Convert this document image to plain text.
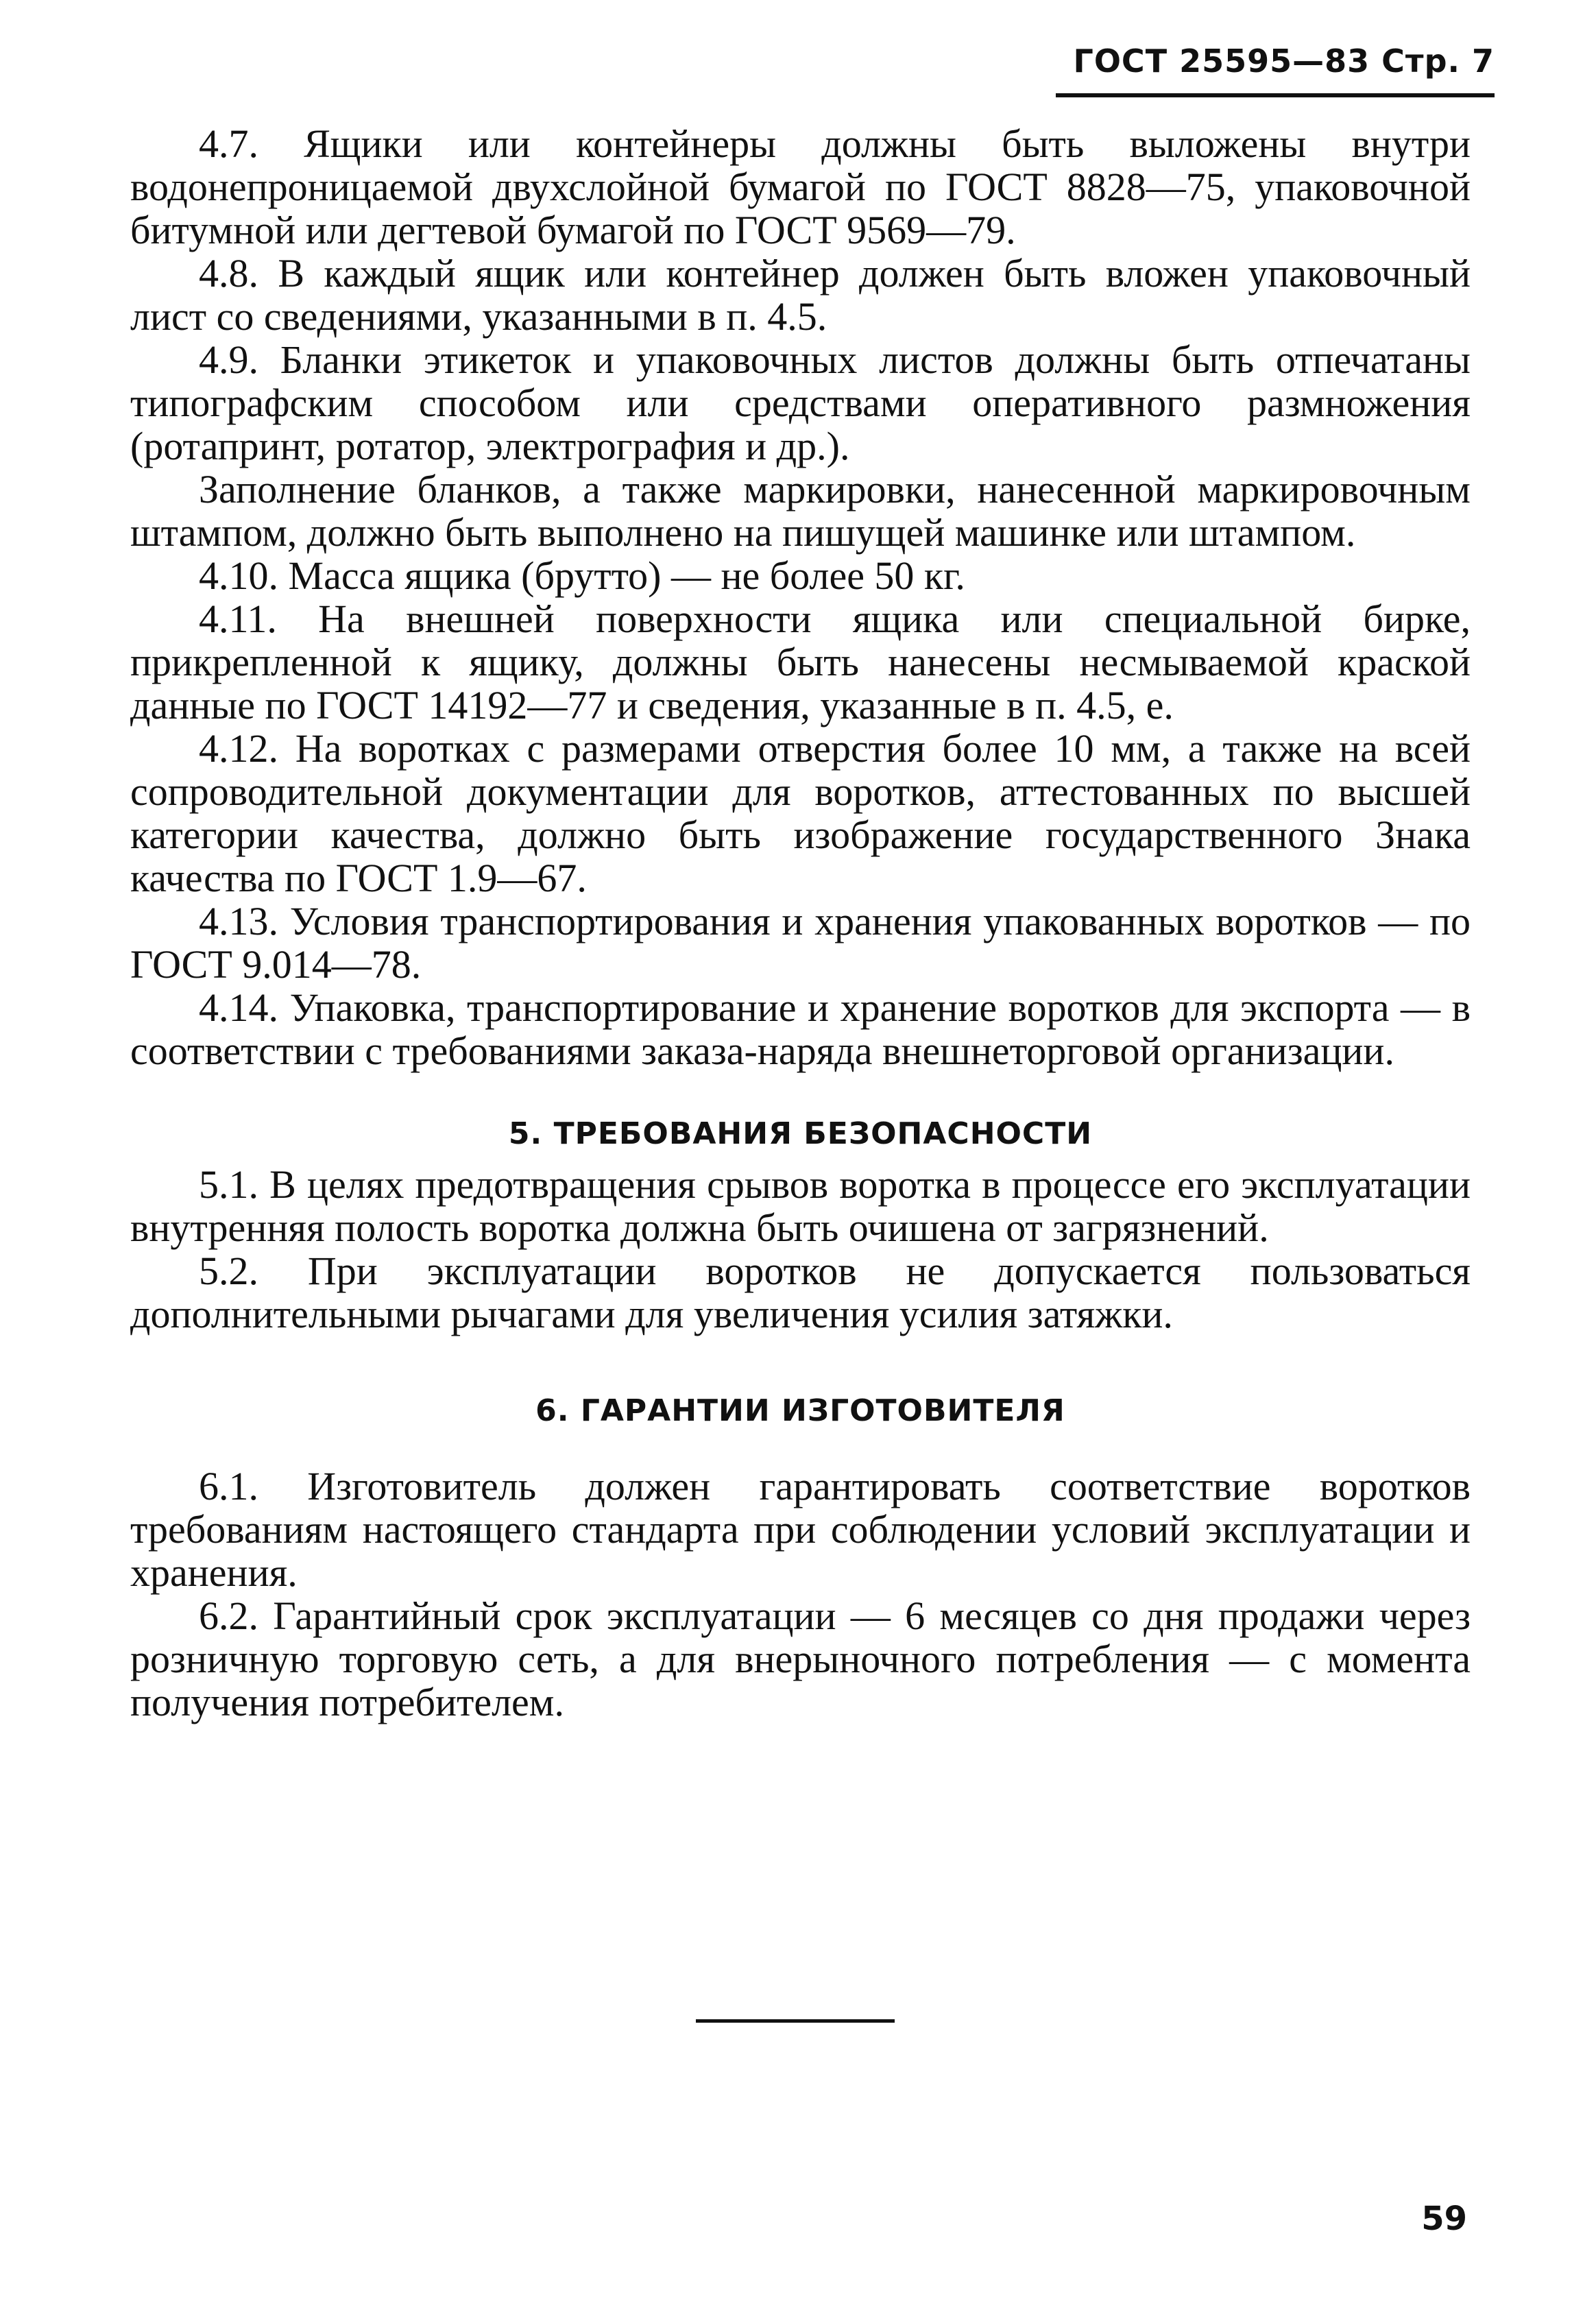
ГОСТ 25595—83 Стр. 7

4.7. Ящики или контейнеры должны быть выложены внутри водонепроницаемой двухслойной бумагой по ГОСТ 8828—75, упаковочной битумной или дегтевой бумагой по ГОСТ 9569—79.

4.8. В каждый ящик или контейнер должен быть вложен упаковочный лист со сведениями, указанными в п. 4.5.

4.9. Бланки этикеток и упаковочных листов должны быть отпечатаны типографским способом или средствами оперативного размножения (ротапринт, ротатор, электрография и др.).

Заполнение бланков, а также маркировки, нанесенной маркировочным штампом, должно быть выполнено на пишущей машинке или штампом.

4.10. Масса ящика (брутто) — не более 50 кг.

4.11. На внешней поверхности ящика или специальной бирке, прикрепленной к ящику, должны быть нанесены несмываемой краской данные по ГОСТ 14192—77 и сведения, указанные в п. 4.5, е.

4.12. На воротках с размерами отверстия более 10 мм, а также на всей сопроводительной документации для воротков, аттестованных по высшей категории качества, должно быть изображение государственного Знака качества по ГОСТ 1.9—67.

4.13. Условия транспортирования и хранения упакованных воротков — по ГОСТ 9.014—78.

4.14. Упаковка, транспортирование и хранение воротков для экспорта — в соответствии с требованиями заказа-наряда внешнеторговой организации.

5. ТРЕБОВАНИЯ БЕЗОПАСНОСТИ

5.1. В целях предотвращения срывов воротка в процессе его эксплуатации внутренняя полость воротка должна быть очишена от загрязнений.

5.2. При эксплуатации воротков не допускается пользоваться дополнительными рычагами для увеличения усилия затяжки.

6. ГАРАНТИИ ИЗГОТОВИТЕЛЯ

6.1. Изготовитель должен гарантировать соответствие воротков требованиям настоящего стандарта при соблюдении условий эксплуатации и хранения.

6.2. Гарантийный срок эксплуатации — 6 месяцев со дня продажи через розничную торговую сеть, а для внерыночного потребления — с момента получения потребителем.

59
